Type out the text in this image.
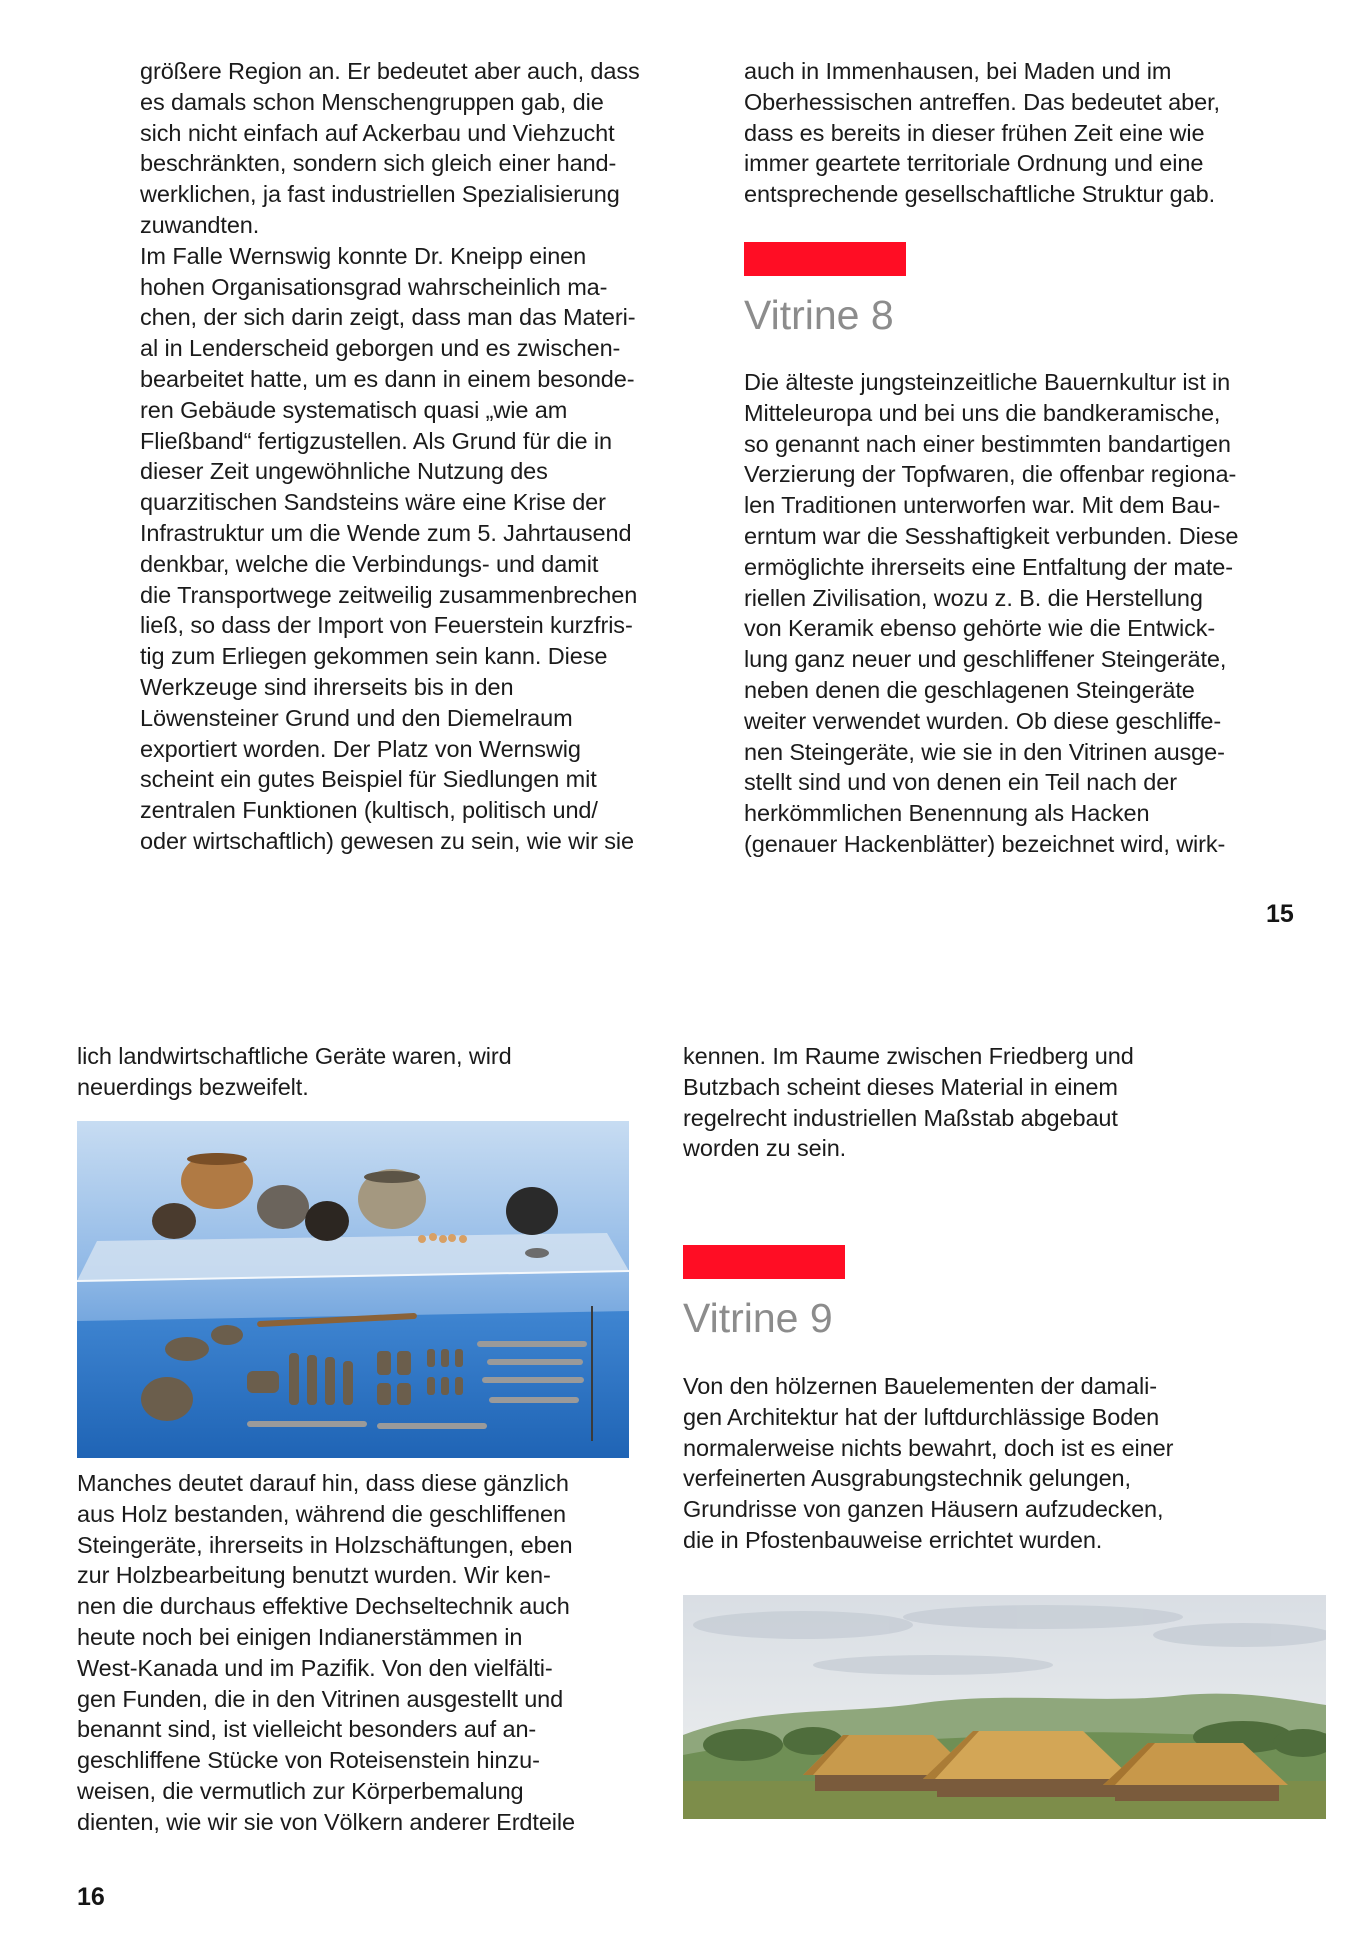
größere Region an. Er bedeutet aber auch, dass
es damals schon Menschengruppen gab, die
sich nicht einfach auf Ackerbau und Viehzucht
beschränkten, sondern sich gleich einer hand-
werklichen, ja fast industriellen Spezialisierung
zuwandten.
Im Falle Wernswig konnte Dr. Kneipp einen
hohen Organisationsgrad wahrscheinlich ma-
chen, der sich darin zeigt, dass man das Materi-
al in Lenderscheid geborgen und es zwischen-
bearbeitet hatte, um es dann in einem besonde-
ren Gebäude systematisch quasi „wie am
Fließband“ fertigzustellen. Als Grund für die in
dieser Zeit ungewöhnliche Nutzung des
quarzitischen Sandsteins wäre eine Krise der
Infrastruktur um die Wende zum 5. Jahrtausend
denkbar, welche die Verbindungs- und damit
die Transportwege zeitweilig zusammenbrechen
ließ, so dass der Import von Feuerstein kurzfris-
tig zum Erliegen gekommen sein kann. Diese
Werkzeuge sind ihrerseits bis in den
Löwensteiner Grund und den Diemelraum
exportiert worden. Der Platz von Wernswig
scheint ein gutes Beispiel für Siedlungen mit
zentralen Funktionen (kultisch, politisch und/
oder wirtschaftlich) gewesen zu sein, wie wir sie
auch in Immenhausen, bei Maden und im
Oberhessischen antreffen. Das bedeutet aber,
dass es bereits in dieser frühen Zeit eine wie
immer geartete territoriale Ordnung und eine
entsprechende gesellschaftliche Struktur gab.
Vitrine 8
Die älteste jungsteinzeitliche Bauernkultur ist in
Mitteleuropa und bei uns die bandkeramische,
so genannt nach einer bestimmten bandartigen
Verzierung der Topfwaren, die offenbar regiona-
len Traditionen unterworfen war. Mit dem Bau-
erntum war die Sesshaftigkeit verbunden. Diese
ermöglichte ihrerseits eine Entfaltung der mate-
riellen Zivilisation, wozu z. B. die Herstellung
von Keramik ebenso gehörte wie die Entwick-
lung ganz neuer und geschliffener Steingeräte,
neben denen die geschlagenen Steingeräte
weiter verwendet wurden. Ob diese geschliffe-
nen Steingeräte, wie sie in den Vitrinen ausge-
stellt sind und von denen ein Teil nach der
herkömmlichen Benennung als Hacken
(genauer Hackenblätter) bezeichnet wird, wirk-
15
lich landwirtschaftliche Geräte waren, wird
neuerdings bezweifelt.
Manches deutet darauf hin, dass diese gänzlich
aus Holz bestanden, während die geschliffenen
Steingeräte, ihrerseits in Holzschäftungen, eben
zur Holzbearbeitung benutzt wurden. Wir ken-
nen die durchaus effektive Dechseltechnik auch
heute noch bei einigen Indianerstämmen in
West-Kanada und im Pazifik. Von den vielfälti-
gen Funden, die in den Vitrinen ausgestellt und
benannt sind, ist vielleicht besonders auf an-
geschliffene Stücke von Roteisenstein hinzu-
weisen, die vermutlich zur Körperbemalung
dienten, wie wir sie von Völkern anderer Erdteile
kennen. Im Raume zwischen Friedberg und
Butzbach scheint dieses Material in einem
regelrecht industriellen Maßstab abgebaut
worden zu sein.
Vitrine 9
Von den hölzernen Bauelementen der damali-
gen Architektur hat der luftdurchlässige Boden
normalerweise nichts bewahrt, doch ist es einer
verfeinerten Ausgrabungstechnik gelungen,
Grundrisse von ganzen Häusern aufzudecken,
die in Pfostenbauweise errichtet wurden.
16
